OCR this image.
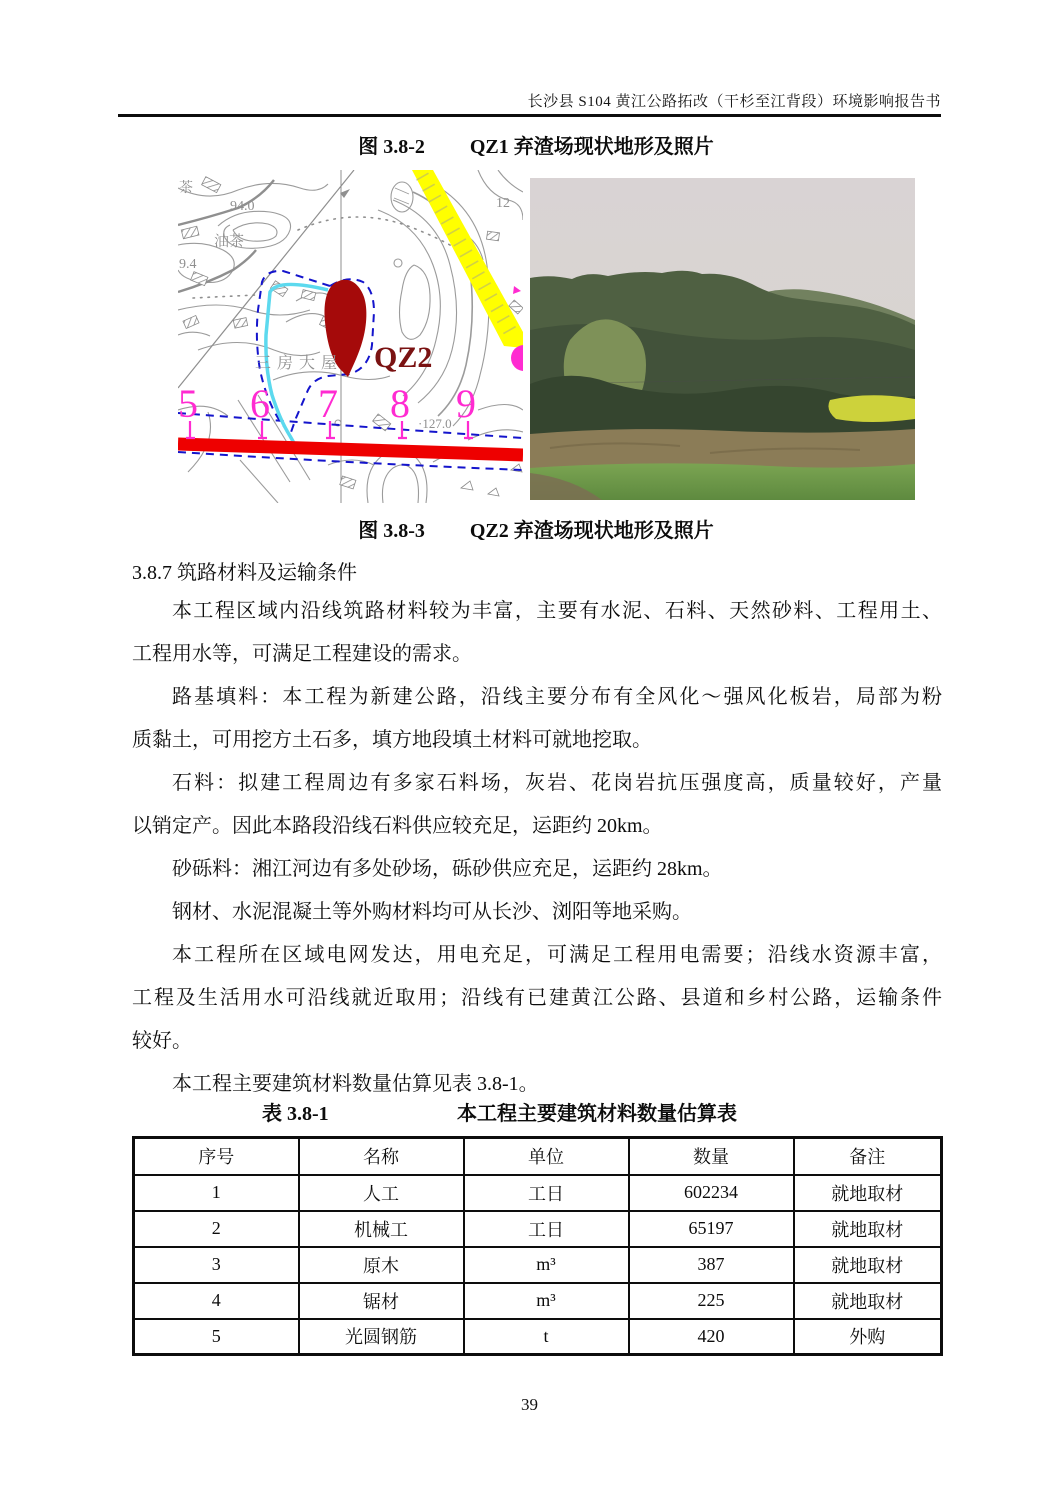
长沙县 S104 黄江公路拓改（干杉至江背段）环境影响报告书
图 3.8-2 QZ1 弃渣场现状地形及照片
5 6 7 8 9
QZ2
94.0
油茶
9.4
茶
三房大屋
·127.0
12
图 3.8-3 QZ2 弃渣场现状地形及照片
3.8.7 筑路材料及运输条件
本工程区域内沿线筑路材料较为丰富，主要有水泥、石料、天然砂料、工程用土、
工程用水等，可满足工程建设的需求。
路基填料：本工程为新建公路，沿线主要分布有全风化～强风化板岩，局部为粉
质黏土，可用挖方土石多，填方地段填土材料可就地挖取。
石料：拟建工程周边有多家石料场，灰岩、花岗岩抗压强度高，质量较好，产量
以销定产。因此本路段沿线石料供应较充足，运距约 20km。
砂砾料：湘江河边有多处砂场，砾砂供应充足，运距约 28km。
钢材、水泥混凝土等外购材料均可从长沙、浏阳等地采购。
本工程所在区域电网发达，用电充足，可满足工程用电需要；沿线水资源丰富，
工程及生活用水可沿线就近取用；沿线有已建黄江公路、县道和乡村公路，运输条件
较好。
本工程主要建筑材料数量估算见表 3.8-1。
表 3.8-1	本工程主要建筑材料数量估算表
序号	名称	单位	数量	备注
1	人工	工日	602234	就地取材
2	机械工	工日	65197	就地取材
3	原木	m³	387	就地取材
4	锯材	m³	225	就地取材
5	光圆钢筋	t	420	外购
39
